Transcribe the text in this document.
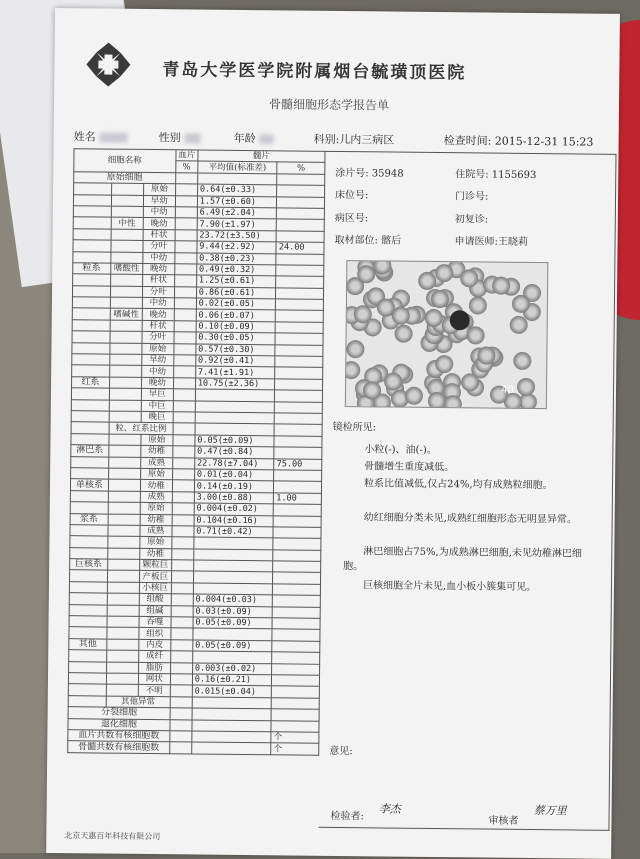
青岛大学医学院附属烟台毓璜顶医院
骨髓细胞形态学报告单
姓名	性别	年龄	科别:儿内三病区	检查时间: 2015-12-31 15:23
细胞名称			血片	髓片	
			%	平均值(标准差)	%
原始细胞					
		原始		0.64(±0.33)	
		早幼		1.57(±0.60)	
		中幼		6.49(±2.04)	
	中性	晚幼		7.90(±1.97)	
		杆状		23.72(±3.50)	
		分叶		9.44(±2.92)	24.00
		中幼		0.38(±0.23)	
粒系	嗜酸性	晚幼		0.49(±0.32)	
		杆状		1.25(±0.61)	
		分叶		0.86(±0.61)	
		中幼		0.02(±0.05)	
	嗜碱性	晚幼		0.06(±0.07)	
		杆状		0.10(±0.09)	
		分叶		0.30(±0.05)	
		原始		0.57(±0.30)	
		早幼		0.92(±0.41)	
		中幼		7.41(±1.91)	
红系		晚幼		10.75(±2.36)	
		早巨			
		中巨			
		晚巨			
	粒、红系比例				
		原始		0.05(±0.09)	
淋巴系		幼稚		0.47(±0.84)	
		成熟		22.78(±7.04)	75.00
		原始		0.01(±0.04)	
单核系		幼稚		0.14(±0.19)	
		成熟		3.00(±0.88)	1.00
		原始		0.004(±0.02)	
浆系		幼稚		0.104(±0.16)	
		成熟		0.71(±0.42)	
		原始			
		幼稚			
巨核系		颗粒巨			
		产板巨			
		小核巨			
		组酸		0.004(±0.03)	
		组碱		0.03(±0.09)	
		吞噬		0.05(±0.09)	
		组织			
其他		内皮		0.05(±0.09)	
		成纤			
		脂肪		0.003(±0.02)	
		网状		0.16(±0.21)	
		不明		0.015(±0.04)	
	其他异常				
分裂细胞					
退化细胞					
血片共数有核细胞数					个
骨髓共数有核细胞数					个
涂片号: 35948	住院号: 1155693
床位号:	门诊号:
病区号:	初复诊:
取材部位: 髂后	申请医师:王晓莉
40
镜检所见:
小粒(-)、油(-)。
骨髓增生重度减低。
粒系比值减低,仅占24%,均有成熟粒细胞。
幼红细胞分类未见,成熟红细胞形态无明显异常。
淋巴细胞占75%,为成熟淋巴细胞,未见幼稚淋巴细胞。
巨核细胞全片未见,血小板小簇集可见。
意见:
检验者:
李杰
审核者
蔡万里
北京天惠百年科技有限公司
